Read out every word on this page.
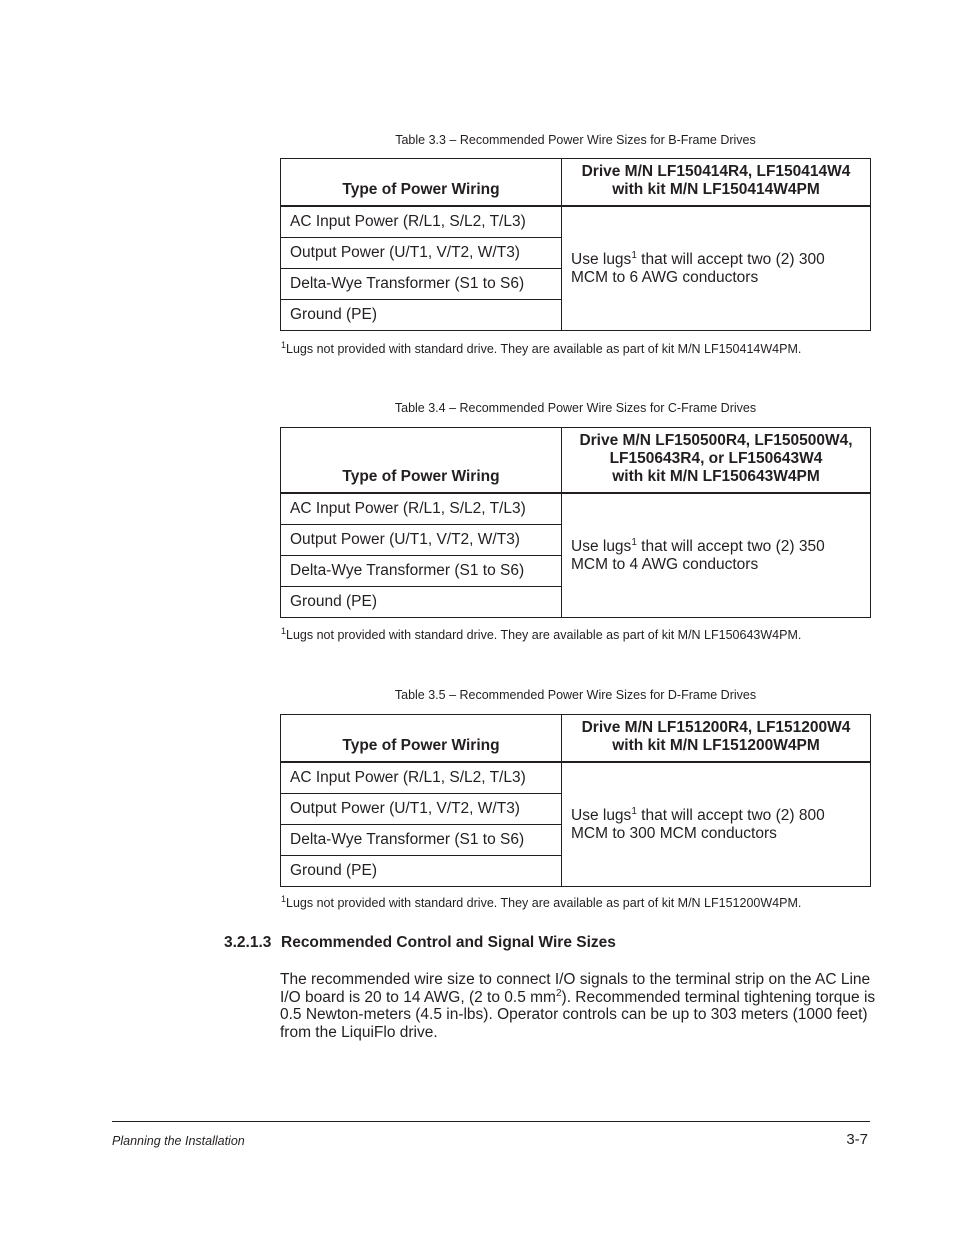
Table 3.3 – Recommended Power Wire Sizes for B-Frame Drives
Type of Power Wiring	Drive M/N LF150414R4, LF150414W4
with kit M/N LF150414W4PM

AC Input Power (R/L1, S/L2, T/L3)	Use lugs$^1$ that will accept two (2) 300 MCM to 6 AWG conductors
Output Power (U/T1, V/T2, W/T3)	
Delta-Wye Transformer (S1 to S6)	
Ground (PE)	
$^1$Lugs not provided with standard drive. They are available as part of kit M/N LF150414W4PM.
Table 3.4 – Recommended Power Wire Sizes for C-Frame Drives
Type of Power Wiring	Drive M/N LF150500R4, LF150500W4,
LF150643R4, or LF150643W4
with kit M/N LF150643W4PM

AC Input Power (R/L1, S/L2, T/L3)	Use lugs$^1$ that will accept two (2) 350 MCM to 4 AWG conductors
Output Power (U/T1, V/T2, W/T3)	
Delta-Wye Transformer (S1 to S6)	
Ground (PE)	
$^1$Lugs not provided with standard drive. They are available as part of kit M/N LF150643W4PM.
Table 3.5 – Recommended Power Wire Sizes for D-Frame Drives
Type of Power Wiring	Drive M/N LF151200R4, LF151200W4
with kit M/N LF151200W4PM

AC Input Power (R/L1, S/L2, T/L3)	Use lugs$^1$ that will accept two (2) 800 MCM to 300 MCM conductors
Output Power (U/T1, V/T2, W/T3)	
Delta-Wye Transformer (S1 to S6)	
Ground (PE)	
$^1$Lugs not provided with standard drive. They are available as part of kit M/N LF151200W4PM.
3.2.1.3 Recommended Control and Signal Wire Sizes
The recommended wire size to connect I/O signals to the terminal strip on the AC Line I/O board is 20 to 14 AWG, (2 to 0.5 $mm^2$). Recommended terminal tightening torque is 0.5 Newton-meters (4.5 in-lbs). Operator controls can be up to 303 meters (1000 feet) from the LiquiFlo drive.
Planning the Installation	3-7
